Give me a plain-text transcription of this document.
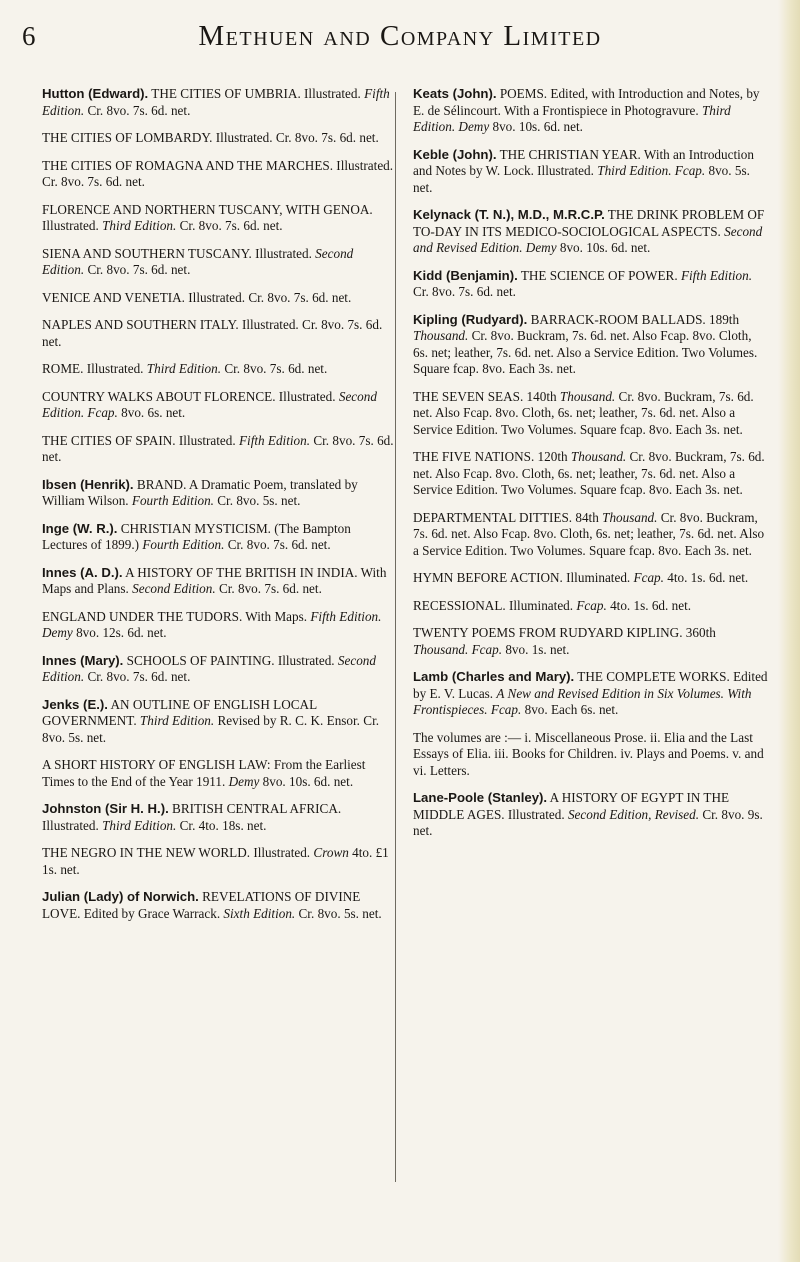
6	Methuen and Company Limited

Hutton (Edward). THE CITIES OF UMBRIA. Illustrated. Fifth Edition. Cr. 8vo. 7s. 6d. net.

THE CITIES OF LOMBARDY. Illustrated. Cr. 8vo. 7s. 6d. net.

THE CITIES OF ROMAGNA AND THE MARCHES. Illustrated. Cr. 8vo. 7s. 6d. net.

FLORENCE AND NORTHERN TUSCANY, WITH GENOA. Illustrated. Third Edition. Cr. 8vo. 7s. 6d. net.

SIENA AND SOUTHERN TUSCANY. Illustrated. Second Edition. Cr. 8vo. 7s. 6d. net.

VENICE AND VENETIA. Illustrated. Cr. 8vo. 7s. 6d. net.

NAPLES AND SOUTHERN ITALY. Illustrated. Cr. 8vo. 7s. 6d. net.

ROME. Illustrated. Third Edition. Cr. 8vo. 7s. 6d. net.

COUNTRY WALKS ABOUT FLORENCE. Illustrated. Second Edition. Fcap. 8vo. 6s. net.

THE CITIES OF SPAIN. Illustrated. Fifth Edition. Cr. 8vo. 7s. 6d. net.

Ibsen (Henrik). BRAND. A Dramatic Poem, translated by William Wilson. Fourth Edition. Cr. 8vo. 5s. net.

Inge (W. R.). CHRISTIAN MYSTICISM. (The Bampton Lectures of 1899.) Fourth Edition. Cr. 8vo. 7s. 6d. net.

Innes (A. D.). A HISTORY OF THE BRITISH IN INDIA. With Maps and Plans. Second Edition. Cr. 8vo. 7s. 6d. net.

ENGLAND UNDER THE TUDORS. With Maps. Fifth Edition. Demy 8vo. 12s. 6d. net.

Innes (Mary). SCHOOLS OF PAINTING. Illustrated. Second Edition. Cr. 8vo. 7s. 6d. net.

Jenks (E.). AN OUTLINE OF ENGLISH LOCAL GOVERNMENT. Third Edition. Revised by R. C. K. Ensor. Cr. 8vo. 5s. net.

A SHORT HISTORY OF ENGLISH LAW: From the Earliest Times to the End of the Year 1911. Demy 8vo. 10s. 6d. net.

Johnston (Sir H. H.). BRITISH CENTRAL AFRICA. Illustrated. Third Edition. Cr. 4to. 18s. net.

THE NEGRO IN THE NEW WORLD. Illustrated. Crown 4to. £1 1s. net.

Julian (Lady) of Norwich. REVELATIONS OF DIVINE LOVE. Edited by Grace Warrack. Sixth Edition. Cr. 8vo. 5s. net.

Keats (John). POEMS. Edited, with Introduction and Notes, by E. de Sélincourt. With a Frontispiece in Photogravure. Third Edition. Demy 8vo. 10s. 6d. net.

Keble (John). THE CHRISTIAN YEAR. With an Introduction and Notes by W. Lock. Illustrated. Third Edition. Fcap. 8vo. 5s. net.

Kelynack (T. N.), M.D., M.R.C.P. THE DRINK PROBLEM OF TO-DAY IN ITS MEDICO-SOCIOLOGICAL ASPECTS. Second and Revised Edition. Demy 8vo. 10s. 6d. net.

Kidd (Benjamin). THE SCIENCE OF POWER. Fifth Edition. Cr. 8vo. 7s. 6d. net.

Kipling (Rudyard). BARRACK-ROOM BALLADS. 189th Thousand. Cr. 8vo. Buckram, 7s. 6d. net. Also Fcap. 8vo. Cloth, 6s. net; leather, 7s. 6d. net. Also a Service Edition. Two Volumes. Square fcap. 8vo. Each 3s. net.

THE SEVEN SEAS. 140th Thousand. Cr. 8vo. Buckram, 7s. 6d. net. Also Fcap. 8vo. Cloth, 6s. net; leather, 7s. 6d. net. Also a Service Edition. Two Volumes. Square fcap. 8vo. Each 3s. net.

THE FIVE NATIONS. 120th Thousand. Cr. 8vo. Buckram, 7s. 6d. net. Also Fcap. 8vo. Cloth, 6s. net; leather, 7s. 6d. net. Also a Service Edition. Two Volumes. Square fcap. 8vo. Each 3s. net.

DEPARTMENTAL DITTIES. 84th Thousand. Cr. 8vo. Buckram, 7s. 6d. net. Also Fcap. 8vo. Cloth, 6s. net; leather, 7s. 6d. net. Also a Service Edition. Two Volumes. Square fcap. 8vo. Each 3s. net.

HYMN BEFORE ACTION. Illuminated. Fcap. 4to. 1s. 6d. net.

RECESSIONAL. Illuminated. Fcap. 4to. 1s. 6d. net.

TWENTY POEMS FROM RUDYARD KIPLING. 360th Thousand. Fcap. 8vo. 1s. net.

Lamb (Charles and Mary). THE COMPLETE WORKS. Edited by E. V. Lucas. A New and Revised Edition in Six Volumes. With Frontispieces. Fcap. 8vo. Each 6s. net.

The volumes are :— i. Miscellaneous Prose. ii. Elia and the Last Essays of Elia. iii. Books for Children. iv. Plays and Poems. v. and vi. Letters.

Lane-Poole (Stanley). A HISTORY OF EGYPT IN THE MIDDLE AGES. Illustrated. Second Edition, Revised. Cr. 8vo. 9s. net.
